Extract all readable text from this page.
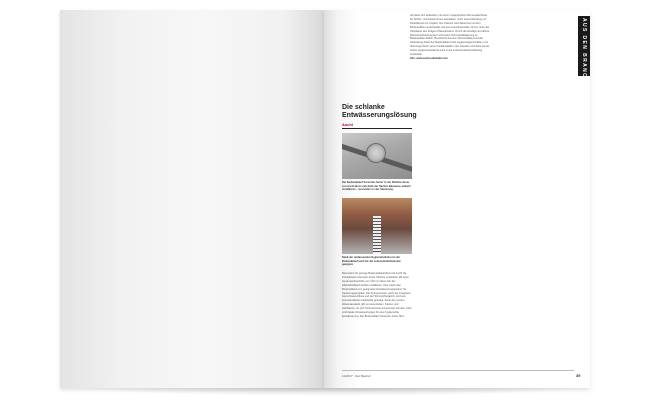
AUS DEN BRANCHEN
der lässt sich außerdem mit einem magnetischen Rinnenabschluss für Schlitz- und Kastenrinnen ausstatten. Auch eine Anbindung mit Klebeflansch ist möglich. Der Flansch wird dabei fest mit dem Bodenaufbau verschweißt und eine Anschlussmaße 10 mm unter der Oberkante des fertigen Fliesenbodens. Durch die bündige und dichte Flanschverbindung kann sich keine Schmutzablagerung im Bodenaufbau bilden. Bestehend aus dem Rinnenablauf und der Abdeckung bietet der Bodenablauf hohe Hygieneeigenschaften und überzeugt durch seine Funktionalität in der Industrie und dank seines hohen Hygienestandards auch in der Lebensmittelverarbeitung einsetzbar.
Info: www.aschl-edelstahl.com
Die schlanke Entwässerungslösung
Aschl
Der Bodenablauf Sorentok Junior in der Slimline-Serie von Aschl lässt sich dank der flachen Bauweise einfach installieren – besonders in der Sanierung.
Dank der umfassenden Hygienefunktion ist der Bodenablauf auch für die Lebensmittelindustrie geeignet.
Besonders für geringe Bodenaufbauhöhen hat Aschl die Produktserie Sorentok Junior Slimline entwickelt. Mit einer Gesamteinbauhöhe von 120 mm lässt sich der Edelstahlablauf einfach installieren. Das macht den Bodenablauf zum geeigneten Entwässerungspartner für Sanierungsprojekte. Alle Komponenten, auch der integrierte Geruchsverschluss und der Schmutzfangkorb, sind aus korrosionsfestem Edelstahl gefertigt. Dank des runden Wasserauslaufs gibt es keine Ecken, Kanten und Hohlräume, an sich Schmutzreste ansammeln könnten. Dies sind ideale Voraussetzungen für eine hygienische Entwässerung. Der Bodenablauf Sorentok Junior Slim-
11/2017 · Der Bauhof	39
